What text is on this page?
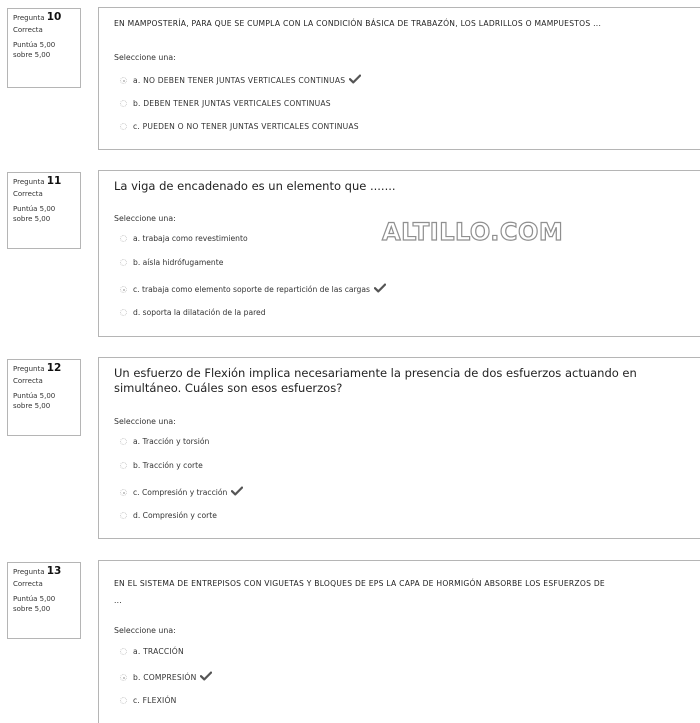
Pregunta 10

Correcta

Puntúa 5,00

sobre 5,00

EN MAMPOSTERÍA, PARA QUE SE CUMPLA CON LA CONDICIÓN BÁSICA DE TRABAZÓN, LOS LADRILLOS O MAMPUESTOS ...
Seleccione una:
a. NO DEBEN TENER JUNTAS VERTICALES CONTINUAS
b. DEBEN TENER JUNTAS VERTICALES CONTINUAS
c. PUEDEN O NO TENER JUNTAS VERTICALES CONTINUAS

Pregunta 11

Correcta

Puntúa 5,00

sobre 5,00

La viga de encadenado es un elemento que .......
Seleccione una:
a. trabaja como revestimiento
b. aísla hidrófugamente
c. trabaja como elemento soporte de repartición de las cargas
d. soporta la dilatación de la pared
ALTILLO.COM

Pregunta 12

Correcta

Puntúa 5,00

sobre 5,00

Un esfuerzo de Flexión implica necesariamente la presencia de dos esfuerzos actuando en
simultáneo. Cuáles son esos esfuerzos?
Seleccione una:
a. Tracción y torsión
b. Tracción y corte
c. Compresión y tracción
d. Compresión y corte

Pregunta 13

Correcta

Puntúa 5,00

sobre 5,00

EN EL SISTEMA DE ENTREPISOS CON VIGUETAS Y BLOQUES DE EPS LA CAPA DE HORMIGÓN ABSORBE LOS ESFUERZOS DE
...
Seleccione una:
a. TRACCIÓN
b. COMPRESIÓN
c. FLEXIÓN
